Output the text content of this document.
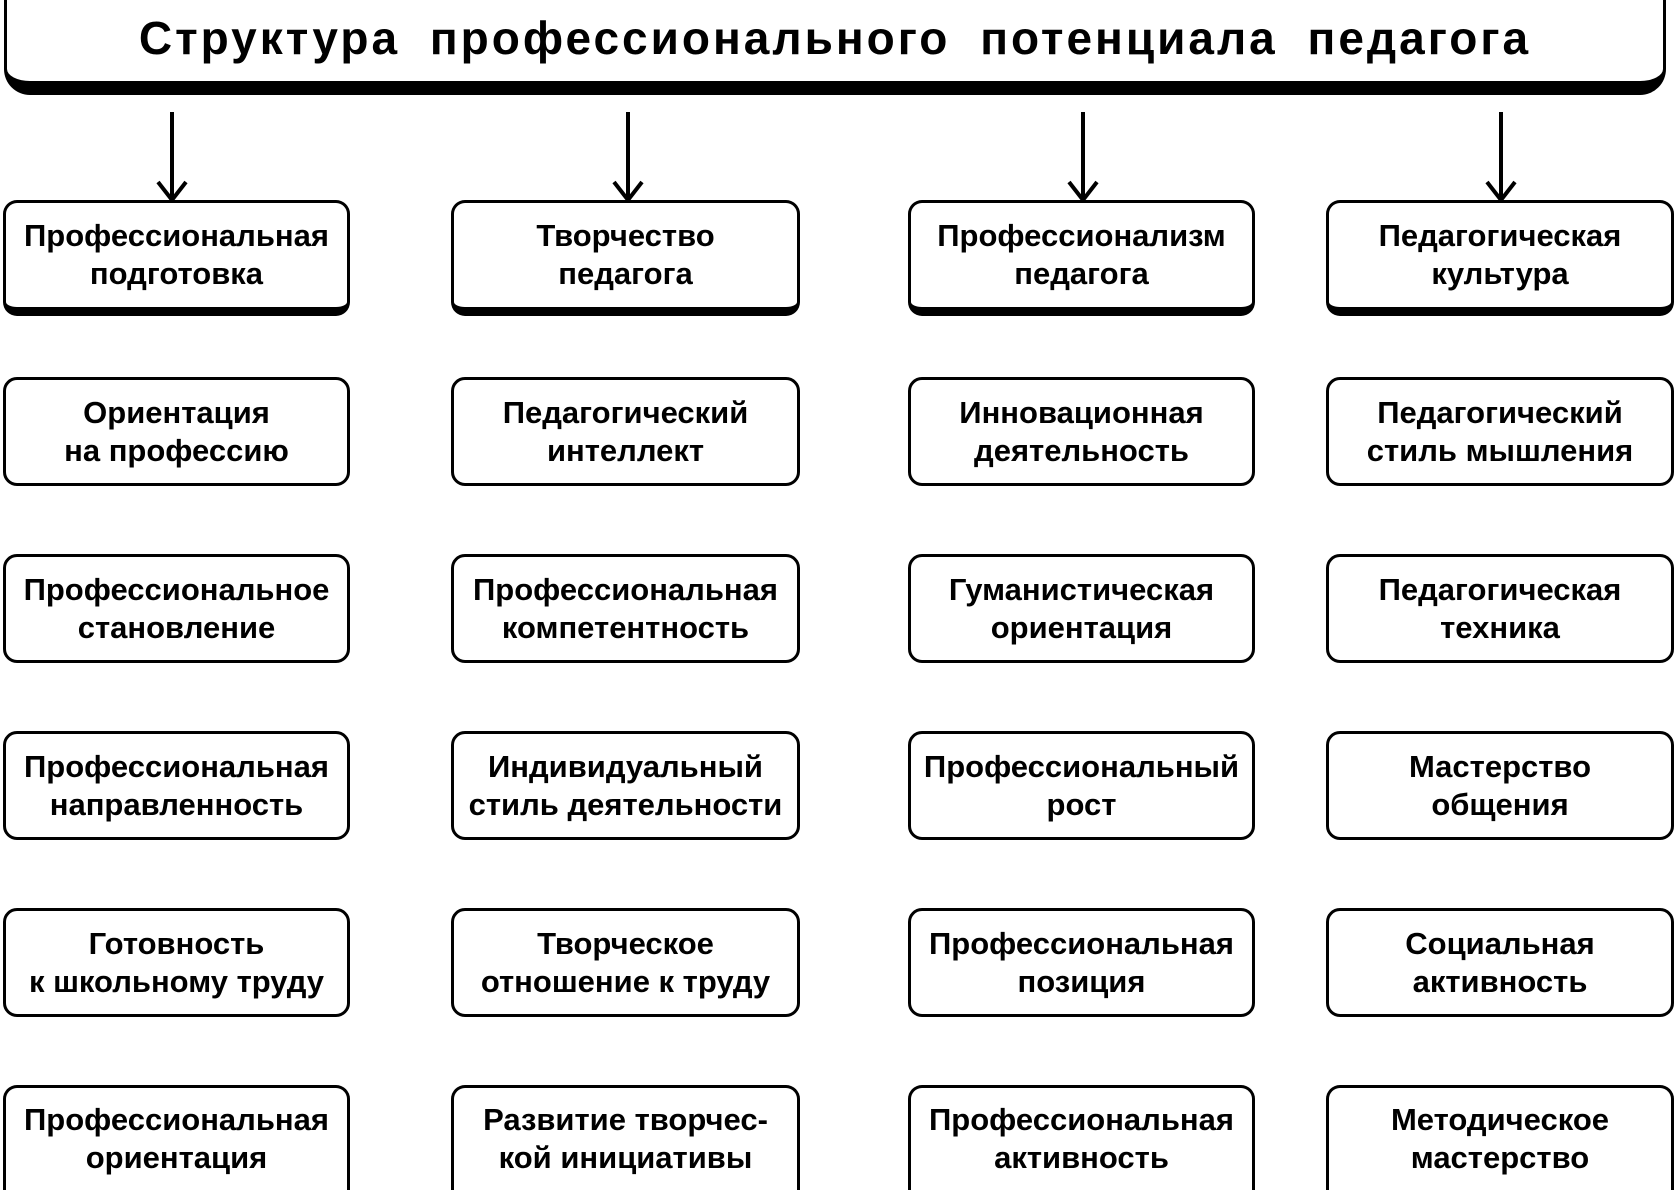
Структура профессионального потенциала педагога
Профессиональная
подготовка
Ориентация
на профессию
Профессиональное
становление
Профессиональная
направленность
Готовность
к школьному труду
Профессиональная
ориентация
Творчество
педагога
Педагогический
интеллект
Профессиональная
компетентность
Индивидуальный
стиль деятельности
Творческое
отношение к труду
Развитие творчес-
кой инициативы
Профессионализм
педагога
Инновационная
деятельность
Гуманистическая
ориентация
Профессиональный
рост
Профессиональная
позиция
Профессиональная
активность
Педагогическая
культура
Педагогический
стиль мышления
Педагогическая
техника
Мастерство
общения
Социальная
активность
Методическое
мастерство
